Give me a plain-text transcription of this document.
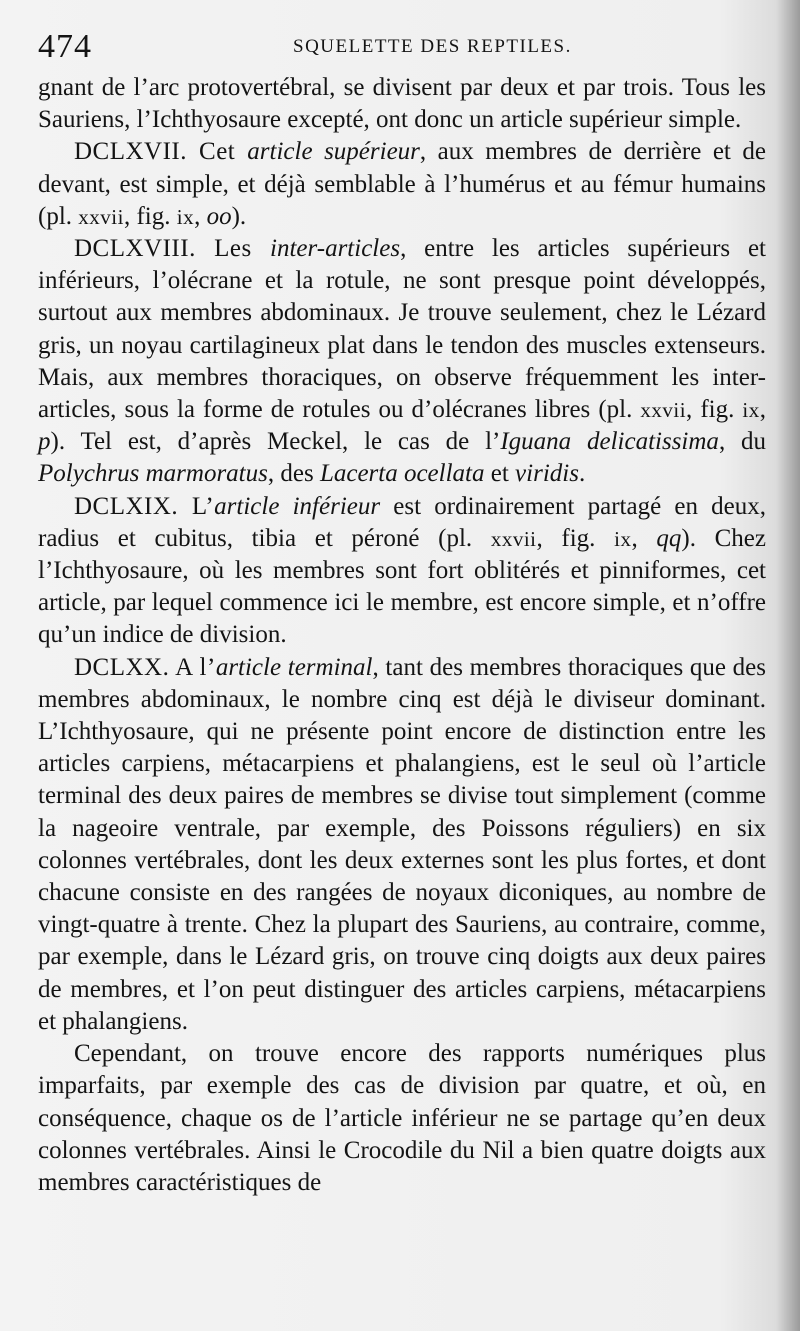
474	SQUELETTE DES REPTILES.

gnant de l’arc protovertébral, se divisent par deux et par trois. Tous les Sauriens, l’Ichthyosaure excepté, ont donc un article supérieur simple.

DCLXVII. Cet article supérieur, aux membres de derrière et de devant, est simple, et déjà semblable à l’humérus et au fémur humains (pl. xxvii, fig. ix, oo).

DCLXVIII. Les inter-articles, entre les articles supérieurs et inférieurs, l’olécrane et la rotule, ne sont presque point développés, surtout aux membres abdominaux. Je trouve seulement, chez le Lézard gris, un noyau cartilagineux plat dans le tendon des muscles extenseurs. Mais, aux membres thoraciques, on observe fréquemment les inter-articles, sous la forme de rotules ou d’olécranes libres (pl. xxvii, fig. ix, p). Tel est, d’après Meckel, le cas de l’Iguana delicatissima, du Polychrus marmoratus, des Lacerta ocellata et viridis.

DCLXIX. L’article inférieur est ordinairement partagé en deux, radius et cubitus, tibia et péroné (pl. xxvii, fig. ix, qq). Chez l’Ichthyosaure, où les membres sont fort oblitérés et pinniformes, cet article, par lequel commence ici le membre, est encore simple, et n’offre qu’un indice de division.

DCLXX. A l’article terminal, tant des membres thoraciques que des membres abdominaux, le nombre cinq est déjà le diviseur dominant. L’Ichthyosaure, qui ne présente point encore de distinction entre les articles carpiens, métacarpiens et phalangiens, est le seul où l’article terminal des deux paires de membres se divise tout simplement (comme la nageoire ventrale, par exemple, des Poissons réguliers) en six colonnes vertébrales, dont les deux externes sont les plus fortes, et dont chacune consiste en des rangées de noyaux diconiques, au nombre de vingt-quatre à trente. Chez la plupart des Sauriens, au contraire, comme, par exemple, dans le Lézard gris, on trouve cinq doigts aux deux paires de membres, et l’on peut distinguer des articles carpiens, métacarpiens et phalangiens.

Cependant, on trouve encore des rapports numériques plus imparfaits, par exemple des cas de division par quatre, et où, en conséquence, chaque os de l’article inférieur ne se partage qu’en deux colonnes vertébrales. Ainsi le Crocodile du Nil a bien quatre doigts aux membres caractéristiques de
